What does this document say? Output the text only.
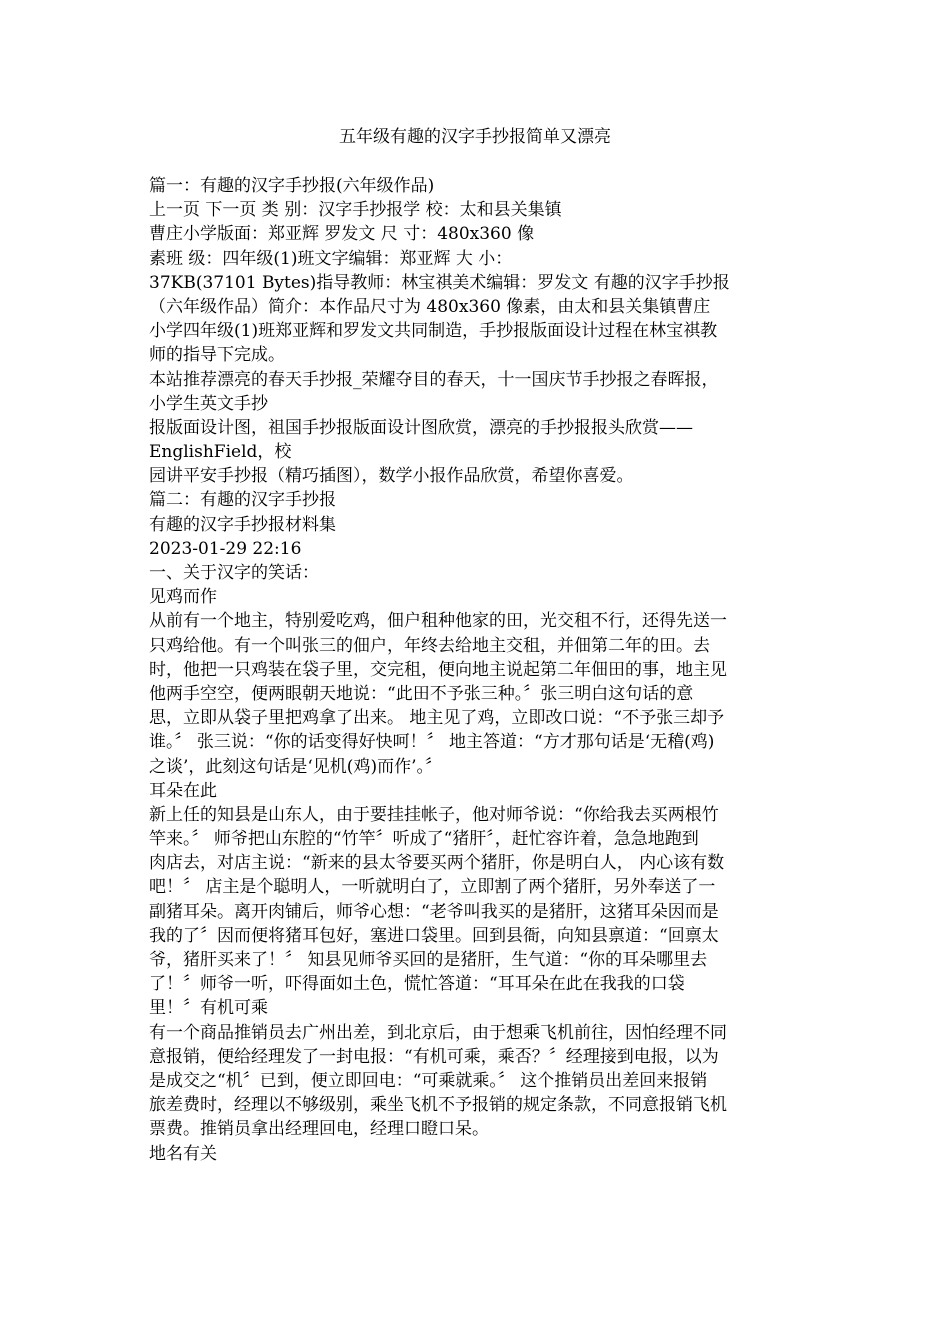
五年级有趣的汉字手抄报简单又漂亮
篇一：有趣的汉字手抄报(六年级作品)
上一页 下一页 类 别：汉字手抄报学 校：太和县关集镇
曹庄小学版面：郑亚辉 罗发文 尺 寸：480x360 像
素班 级：四年级(1)班文字编辑：郑亚辉 大 小：
37KB(37101 Bytes)指导教师：林宝祺美术编辑：罗发文 有趣的汉字手抄报
（六年级作品）简介：本作品尺寸为 480x360 像素，由太和县关集镇曹庄
小学四年级(1)班郑亚辉和罗发文共同制造，手抄报版面设计过程在林宝祺教
师的指导下完成。
本站推荐漂亮的春天手抄报_荣耀夺目的春天，十一国庆节手抄报之春晖报，
小学生英文手抄
报版面设计图，祖国手抄报版面设计图欣赏，漂亮的手抄报报头欣赏——
EnglishField，校
园讲平安手抄报（精巧插图），数学小报作品欣赏，希望你喜爱。
篇二：有趣的汉字手抄报
有趣的汉字手抄报材料集
2023-01-29 22:16
一、关于汉字的笑话：
见鸡而作
从前有一个地主，特别爱吃鸡，佃户租种他家的田，光交租不行，还得先送一
只鸡给他。有一个叫张三的佃户，年终去给地主交租，并佃第二年的田。去
时，他把一只鸡装在袋子里，交完租，便向地主说起第二年佃田的事，地主见
他两手空空，便两眼朝天地说：“此田不予张三种。〞张三明白这句话的意
思，立即从袋子里把鸡拿了出来。 地主见了鸡，立即改口说：“不予张三却予
谁。〞 张三说：“你的话变得好快呵！〞 地主答道：“方才那句话是‘无稽(鸡)
之谈’，此刻这句话是‘见机(鸡)而作’。〞
耳朵在此
新上任的知县是山东人，由于要挂挂帐子，他对师爷说：“你给我去买两根竹
竿来。〞 师爷把山东腔的“竹竿〞听成了“猪肝〞，赶忙容许着，急急地跑到
肉店去，对店主说：“新来的县太爷要买两个猪肝，你是明白人， 内心该有数
吧！〞 店主是个聪明人，一听就明白了，立即割了两个猪肝，另外奉送了一
副猪耳朵。离开肉铺后，师爷心想：“老爷叫我买的是猪肝，这猪耳朵因而是
我的了〞因而便将猪耳包好，塞进口袋里。回到县衙，向知县禀道：“回禀太
爷，猪肝买来了！〞 知县见师爷买回的是猪肝，生气道：“你的耳朵哪里去
了！〞师爷一听，吓得面如土色，慌忙答道：“耳耳朵在此在我我的口袋
里！〞有机可乘
有一个商品推销员去广州出差，到北京后，由于想乘飞机前往，因怕经理不同
意报销，便给经理发了一封电报：“有机可乘，乘否？〞经理接到电报，以为
是成交之“机〞已到，便立即回电：“可乘就乘。〞 这个推销员出差回来报销
旅差费时，经理以不够级别，乘坐飞机不予报销的规定条款，不同意报销飞机
票费。推销员拿出经理回电，经理口瞪口呆。
地名有关
